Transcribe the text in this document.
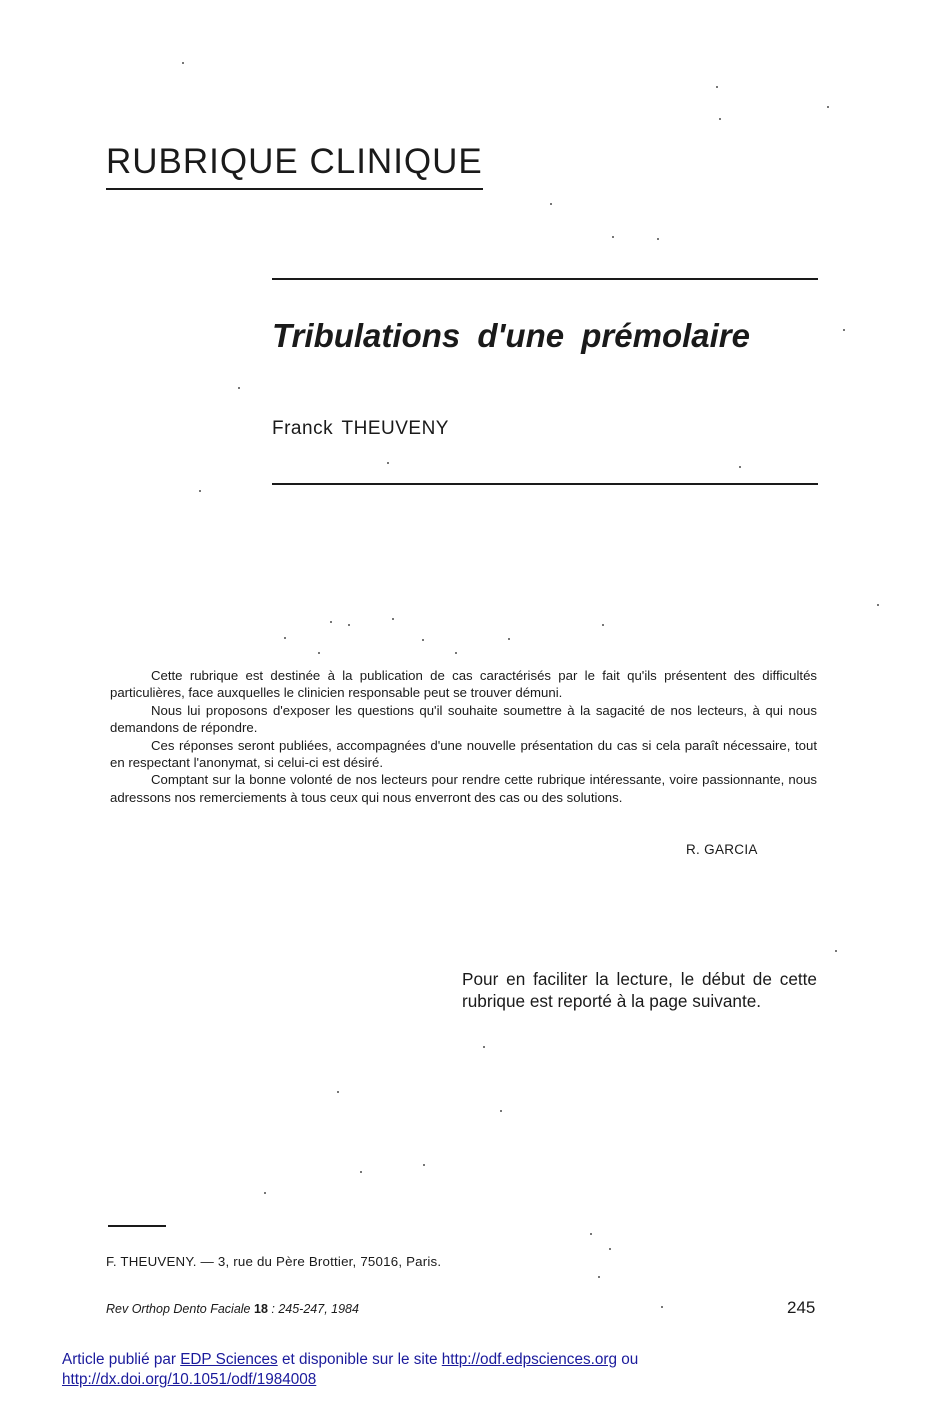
RUBRIQUE CLINIQUE
Tribulations d'une prémolaire
Franck THEUVENY

Cette rubrique est destinée à la publication de cas caractérisés par le fait qu'ils présentent des difficultés particulières, face auxquelles le clinicien responsable peut se trouver démuni.

Nous lui proposons d'exposer les questions qu'il souhaite soumettre à la sagacité de nos lecteurs, à qui nous demandons de répondre.

Ces réponses seront publiées, accompagnées d'une nouvelle présentation du cas si cela paraît nécessaire, tout en respectant l'anonymat, si celui-ci est désiré.

Comptant sur la bonne volonté de nos lecteurs pour rendre cette rubrique intéressante, voire passionnante, nous adressons nos remerciements à tous ceux qui nous enverront des cas ou des solutions.

R. GARCIA
Pour en faciliter la lecture, le début de cette rubrique est reporté à la page suivante.
F. THEUVENY. — 3, rue du Père Brottier, 75016, Paris.
Rev Orthop Dento Faciale 18 : 245-247, 1984	245
Article publié par EDP Sciences et disponible sur le site http://odf.edpsciences.org ou
http://dx.doi.org/10.1051/odf/1984008
